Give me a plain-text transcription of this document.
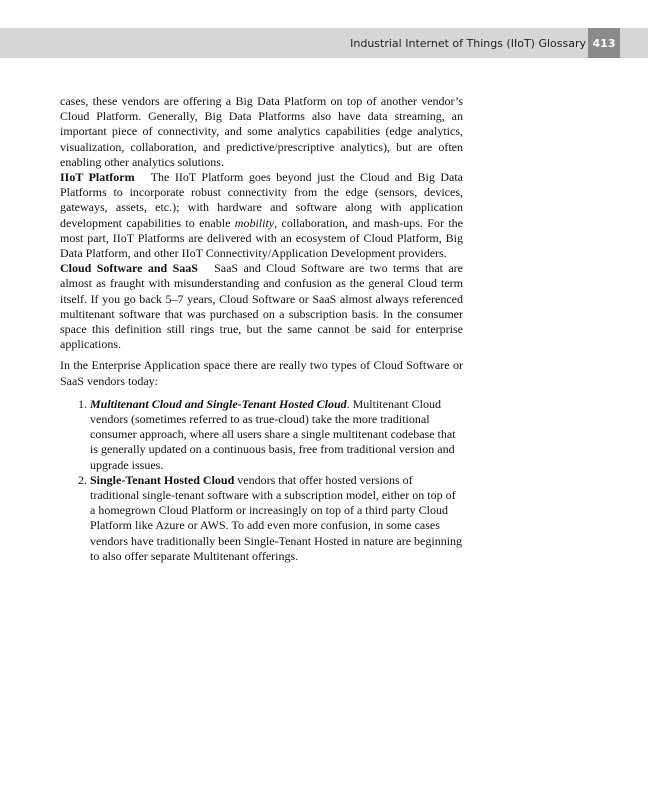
Industrial Internet of Things (IIoT) Glossary 413

cases, these vendors are offering a Big Data Platform on top of another vendor’s Cloud Platform. Generally, Big Data Platforms also have data streaming, an important piece of connectivity, and some analytics capabilities (edge analytics, visualization, collaboration, and predictive/prescriptive analytics), but are often enabling other analytics solutions.

IIoT Platform The IIoT Platform goes beyond just the Cloud and Big Data Platforms to incorporate robust connectivity from the edge (sensors, devices, gateways, assets, etc.); with hardware and software along with application development capabilities to enable mobility, collaboration, and mash-ups. For the most part, IIoT Platforms are delivered with an ecosystem of Cloud Platform, Big Data Platform, and other IIoT Connectivity/Application Development providers.

Cloud Software and SaaS SaaS and Cloud Software are two terms that are almost as fraught with misunderstanding and confusion as the general Cloud term itself. If you go back 5–7 years, Cloud Software or SaaS almost always referenced multitenant software that was purchased on a subscription basis. In the consumer space this definition still rings true, but the same cannot be said for enterprise applications.

In the Enterprise Application space there are really two types of Cloud Software or SaaS vendors today:

1. Multitenant Cloud and Single-Tenant Hosted Cloud. Multitenant Cloud vendors (sometimes referred to as true-cloud) take the more traditional consumer approach, where all users share a single multitenant codebase that is generally updated on a continuous basis, free from traditional version and upgrade issues.
2. Single-Tenant Hosted Cloud vendors that offer hosted versions of traditional single-tenant software with a subscription model, either on top of a homegrown Cloud Platform or increasingly on top of a third party Cloud Platform like Azure or AWS. To add even more confusion, in some cases vendors have traditionally been Single-Tenant Hosted in nature are beginning to also offer separate Multitenant offerings.
